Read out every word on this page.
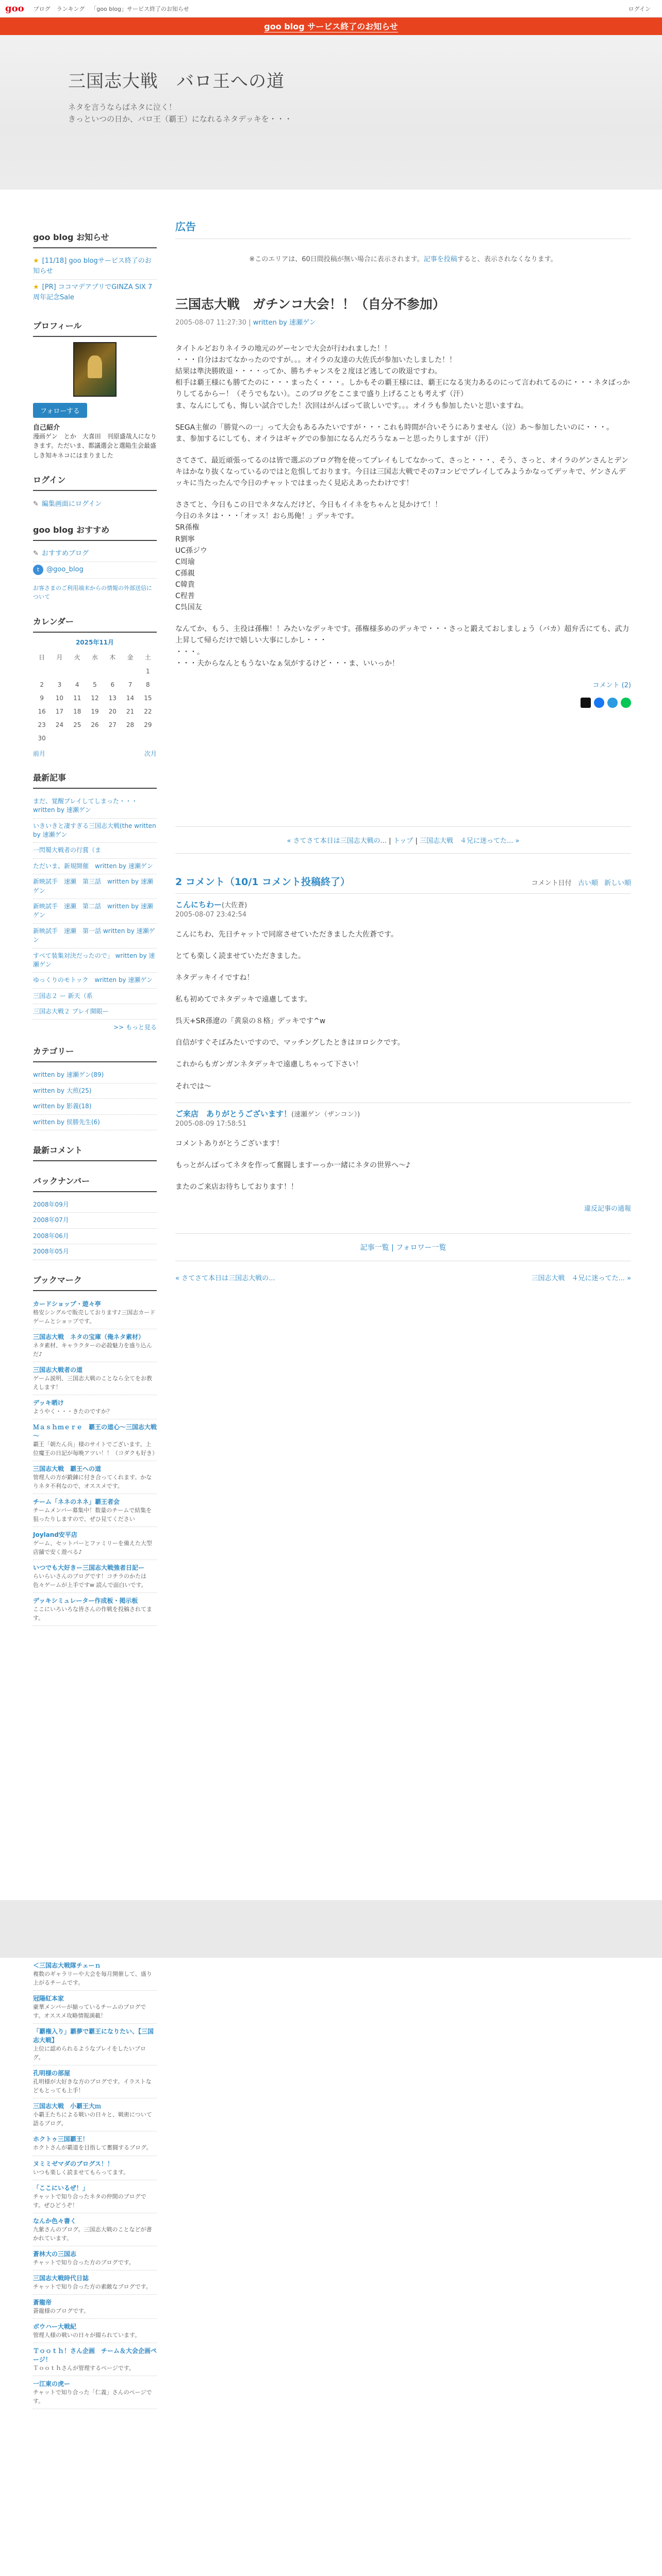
goo ブログ ランキング 「goo blog」サービス終了のお知らせ	ログイン
goo blog サービス終了のお知らせ
三国志大戦　バロ王への道
ネタを言うならばネタに泣く！
きっといつの日か、バロ王（覇王）になれるネタデッキを・・・
goo blog お知らせ
★ [11/18] goo blogサービス終了のお知らせ
★ [PR] ココマデアプリでGINZA SIX 7周年記念Sale
プロフィール
フォローする
自己紹介
漫画ゲン　とか　大喜田　刊原盛哉人になりきます。ただいま、都議選会と選陥生会最盛しき知キネコにはまりました
ログイン
✎ 編集画面にログイン
goo blog おすすめ
✎ おすすめブログ
t @goo_blog
お客さまのご利用端末からの情報の外部送信について
カレンダー
2025年11月
日	月	火	水	木	金	土
						1
2	3	4	5	6	7	8
9	10	11	12	13	14	15
16	17	18	19	20	21	22
23	24	25	26	27	28	29
30						
前月	次月
最新記事
まだ、覚醒プレイしてしまった・・・　written by 速瀬ゲン
いきいきと凄すぎる三国志大戦(the written by 速瀬ゲン
一閃蜀大戦者の行賞（ま
ただいま、新規開催　written by 速瀬ゲン
新映試手　速瀬　第三話　written by 速瀬ゲン
新映試手　速瀬　第二話　written by 速瀬ゲン
新映試手　速瀬　第一話 written by 速瀬ゲン
すべて装集対決だったので」 written by 速瀬ゲン
ゆっくりのモトック　written by 速瀬ゲン
三国志２ ー 新天（系
三国志大戦２ プレイ開眼ー
>> もっと見る
カテゴリー
written by 速瀬ゲン(89)
written by 大煎(25)
written by 影義(18)
written by 侯勝先生(6)
最新コメント
バックナンバー
2008年09月
2008年07月
2008年06月
2008年05月
ブックマーク
カードショップ・遊々亭
格安シングルで販売しております♪三国志カードゲームとショップです。
三国志大戦　ネタの宝庫（俺ネタ素材）
ネタ素材、キャラクターの必殺魅力を盛り込んだ♪
三国志大戦者の道
ゲーム説明、三国志大戦のことなら全てをお教えします！
デッキ晒け
ようやく・・・きたのですか？
Ｍａｓｈｍｅｒｅ　覇王の道心～三国志大戦～
覇王「朝たん兵」様のサイトでございます。上位魔王の日記が毎晩アツい！！（コダクも好き）
三国志大戦　覇王への道
管理人の方が鍛錬に付き合ってくれます。かなりネタ不利なので、オススメです。
チーム「ネネのネネ」覇王者会
チームメンバー募集中！数量のチームで結集を狙ったりしますので、ぜひ見てください
Joyland安平店
ゲーム、セットバーとファミリーを備えた大型店舗で安く遊べる♪
いつでも大好きー三国志大戦強者日記ー
らいらいさんのブログです！コチラのかたは色々ゲームが上手ですw 読んで面白いです。
デッキシミュレーター作成板・掲示板
ここにいろいろな皆さんの作戦を投稿されてます。
広告

※このエリアは、60日間投稿が無い場合に表示されます。記事を投稿すると、表示されなくなります。

三国志大戦　ガチンコ大会！！（自分不参加）
2005-08-07 11:27:30 | written by 速瀬ゲン

タイトルどおりネイラの地元のゲーセンで大会が行われました！！
・・・自分はおてなかったのですが。。。オイラの友達の大佐氏が参加いたしました！！
結果は準決勝敗退・・・・ってか、勝ちチャンスを２度ほど逃しての敗退ですわ。
相手は覇王様にも勝てたのに・・・まったく・・・。しかもその覇王様には、覇王になる実力あるのにって言われてるのに・・・ネタばっかりしてるからー！（そうでもない）。このブログをここまで盛り上げることも考えず（汗）
ま、なんにしても、悔しい試合でした！次回はがんばって欲しいです。。。オイラも参加したいと思いますね。

SEGA主催の「勝覚への一」って大会もあるみたいですが・・・これも時間が合いそうにありません（泣）あ～参加したいのに・・・。
ま、参加するにしても、オイラはギャグでの参加になるんだろうなぁーと思ったりしますが（汗）

さてさて、最近頑張ってるのは皆で選ぶのブログ物を使ってプレイもしてなかって、さっと・・・、そう、さっと、オイラのゲンさんとデンキはかなり抜くなっているのではと危惧しております。今日は三国志大戦でその7コンビでプレイしてみようかなってデッキで、ゲンさんデッキに当たったんで今日のチャットではまったく見応えあったわけです！

ささてと、今日もこの日でネタなんだけど、今日もイイネをちゃんと見かけて！！
今日のネタは・・・「オッス！おら馬俺！」デッキです。
SR孫権
R劉寧
UC孫ジウ
C周瑜
C孫親
C韓貴
C程普
C呉国友

なんてか、もう、主役は孫権！！みたいなデッキです。孫権様多めのデッキで・・・さっと鍛えておしましょう（バカ）超弁舌にても、武力上昇して帰らだけで嬉しい大事にしかし・・・
・・・。
・・・夫からなんともうないなぁ気がするけど・・・ま、いいっか！

コメント (2)
« さてさて本日は三国志大戦の... | トップ | 三国志大戦　４兄に迷ってた... »
2 コメント（10/1 コメント投稿終了）	コメント日付 古い順 新しい順
こんにちわー(大佐蒼)
2005-08-07 23:42:54

こんにちわ、先日チャットで同席させていただきました大佐蒼です。

とても楽しく読ませていただきました。

ネタデッキイイですね！

私も初めてでネタデッキで遠慮してます。

呉天+SR孫遼の「黄泉の８格」デッキです^w

自信がすぐそばみたいですので、マッチングしたときはヨロシクです。

これからもガンガンネタデッキで遠慮しちゃって下さい！

それでは～

ご来店　ありがとうございます！(速瀬ゲン（ザンコン）)
2005-08-09 17:58:51

コメントありがとうございます！

もっとがんばってネタを作って奮闘しますーっか一緒にネタの世界へ～♪

またのご来店お待ちしております！！

違反記事の通報
記事一覧 | フォロワー一覧
« さてさて本日は三国志大戦の...	三国志大戦　４兄に迷ってた... »
＜三国志大戦隊チェーｎ
複数のギャラリーや大会を毎月開催して、盛り上がるチームです。
冠陽紅本家
豪華メンバーが揃っているチームのブログです。オススメ攻略情報満載！
「覇権入り」覇夢で覇王になりたい、【三国志大戦】
上位に認められるようなプレイをしたいブログ。
孔明様の部屋
孔明様が大好きな方のブログです。イラストなどもとっても上手！
三国志大戦　小覇王大ｍ
小覇王たちによる戦いの日々と、戦術について語るブログ。
ホクトゥ三国覇王！
ホクトさんが覇道を目指して奮闘するブログ。
ヌミミゼマダのブログス！！
いつも楽しく読ませてもらってます。
「ここにいるぜ！」
チャットで知り合ったネタの仲間のブログです。ぜひどうぞ！
なんか色々書く
九紫さんのブログ。三国志大戦のことなどが書かれています。
蒼林大の三国志
チャットで知り合った方のブログです。
三国志大戦時代日誌
チャットで知り合った方の素敵なブログです。
蒼龍帝
蒼龍様のブログです。
ボウハー大戦紀
管理人様の戦いの日々が綴られています。
Ｔｏｏｔｈ！さん企画　チーム＆大会企画ページ！
Ｔｏｏｔｈさんが管理するページです。
一江東の虎ー
チャットで知り合った「仁義」さんのページです。
